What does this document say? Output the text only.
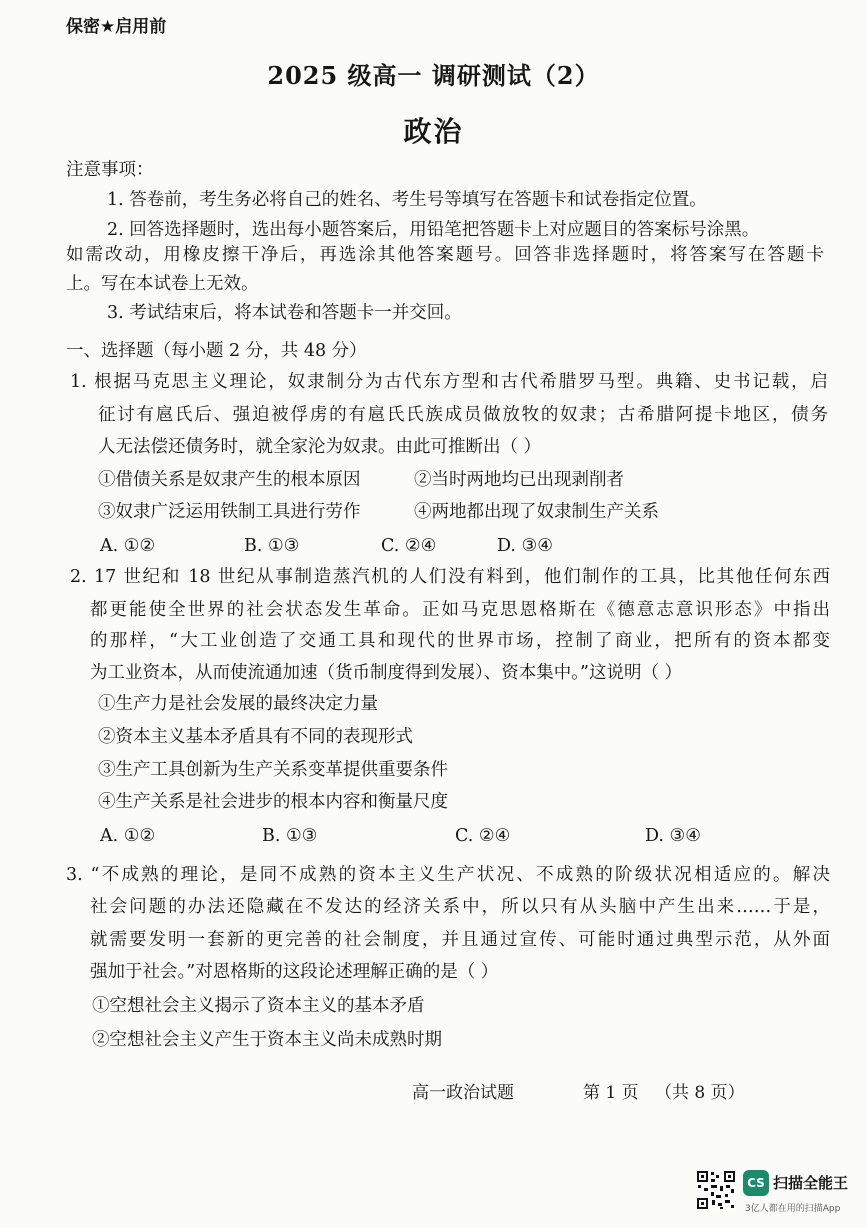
保密★启用前
2025 级高一 调研测试（2）
政治
注意事项：
1. 答卷前，考生务必将自己的姓名、考生号等填写在答题卡和试卷指定位置。
2. 回答选择题时，选出每小题答案后，用铅笔把答题卡上对应题目的答案标号涂黑。
如需改动，用橡皮擦干净后，再选涂其他答案题号。回答非选择题时，将答案写在答题卡
上。写在本试卷上无效。
3. 考试结束后，将本试卷和答题卡一并交回。
一、选择题（每小题 2 分，共 48 分）
1. 根据马克思主义理论，奴隶制分为古代东方型和古代希腊罗马型。典籍、史书记载，启
征讨有扈氏后、强迫被俘虏的有扈氏氏族成员做放牧的奴隶；古希腊阿提卡地区，债务
人无法偿还债务时，就全家沦为奴隶。由此可推断出（ ）
①借债关系是奴隶产生的根本原因	②当时两地均已出现剥削者
③奴隶广泛运用铁制工具进行劳作	④两地都出现了奴隶制生产关系
A. ①②	B. ①③	C. ②④	D. ③④
2. 17 世纪和 18 世纪从事制造蒸汽机的人们没有料到，他们制作的工具，比其他任何东西
都更能使全世界的社会状态发生革命。正如马克思恩格斯在《德意志意识形态》中指出
的那样，“大工业创造了交通工具和现代的世界市场，控制了商业，把所有的资本都变
为工业资本，从而使流通加速（货币制度得到发展）、资本集中。”这说明（ ）
①生产力是社会发展的最终决定力量
②资本主义基本矛盾具有不同的表现形式
③生产工具创新为生产关系变革提供重要条件
④生产关系是社会进步的根本内容和衡量尺度
A. ①②	B. ①③	C. ②④	D. ③④
3. “不成熟的理论，是同不成熟的资本主义生产状况、不成熟的阶级状况相适应的。解决
社会问题的办法还隐藏在不发达的经济关系中，所以只有从头脑中产生出来……于是，
就需要发明一套新的更完善的社会制度，并且通过宣传、可能时通过典型示范，从外面
强加于社会。”对恩格斯的这段论述理解正确的是（ ）
①空想社会主义揭示了资本主义的基本矛盾
②空想社会主义产生于资本主义尚未成熟时期
高一政治试题	第 1 页 （共 8 页）
CS 扫描全能王
3亿人都在用的扫描App
